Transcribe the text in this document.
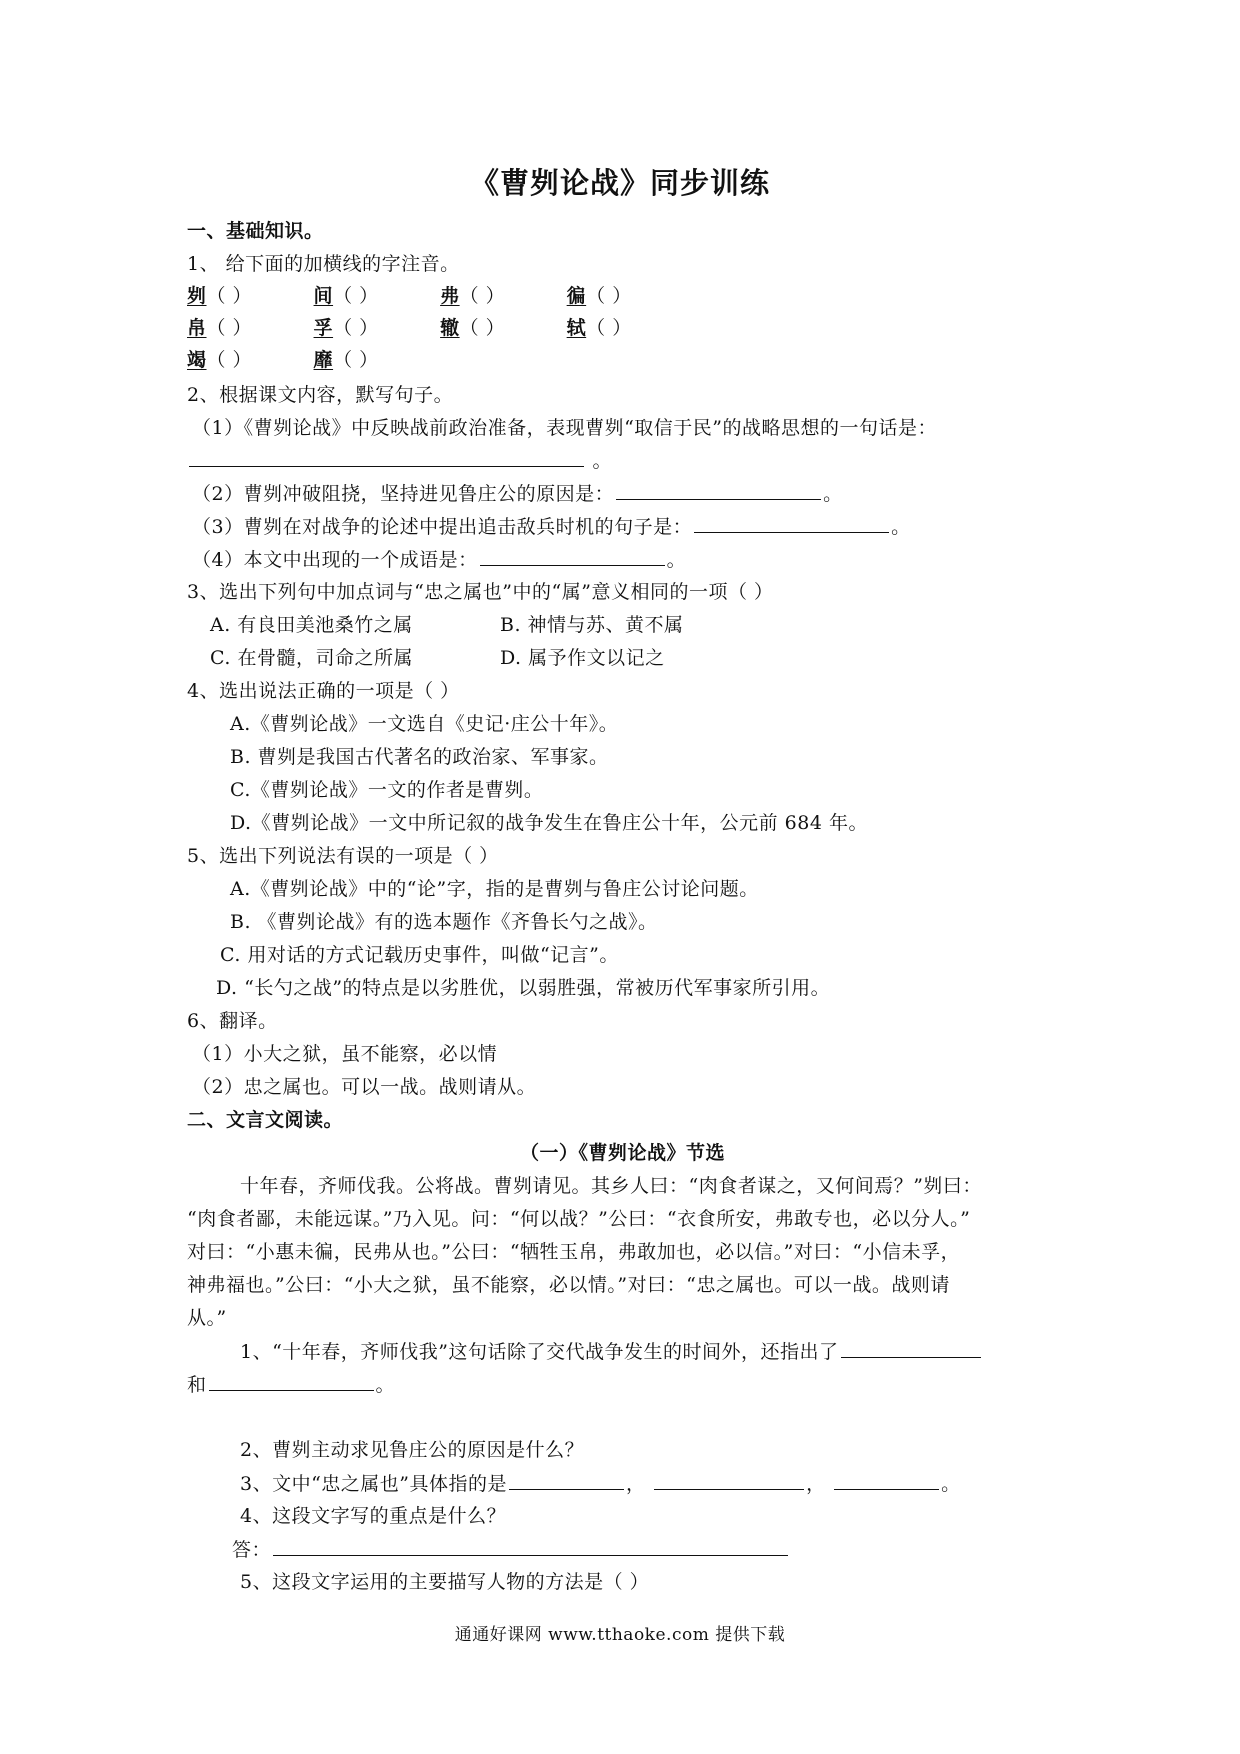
《曹刿论战》同步训练
一、基础知识。
1、 给下面的加横线的字注音。
刿（ ）	间（ ）	弗（ ）	徧（ ）
帛（ ）	孚（ ）	辙（ ）	轼（ ）
竭（ ）	靡（ ）
2、根据课文内容，默写句子。
（1）《曹刿论战》中反映战前政治准备，表现曹刿“取信于民”的战略思想的一句话是：
。
（2）曹刿冲破阻挠，坚持进见鲁庄公的原因是：	。
（3）曹刿在对战争的论述中提出追击敌兵时机的句子是：	。
（4）本文中出现的一个成语是：	。
3、选出下列句中加点词与“忠之属也”中的“属”意义相同的一项（ ）
A. 有良田美池桑竹之属	B. 神情与苏、黄不属
C. 在骨髓，司命之所属	D. 属予作文以记之
4、选出说法正确的一项是（ ）
A.《曹刿论战》一文选自《史记·庄公十年》。
B. 曹刿是我国古代著名的政治家、军事家。
C.《曹刿论战》一文的作者是曹刿。
D.《曹刿论战》一文中所记叙的战争发生在鲁庄公十年，公元前 684 年。
5、选出下列说法有误的一项是（ ）
A.《曹刿论战》中的“论”字，指的是曹刿与鲁庄公讨论问题。
B. 《曹刿论战》有的选本题作《齐鲁长勺之战》。
C. 用对话的方式记载历史事件，叫做“记言”。
D. “长勺之战”的特点是以劣胜优，以弱胜强，常被历代军事家所引用。
6、翻译。
（1）小大之狱，虽不能察，必以情
（2）忠之属也。可以一战。战则请从。
二、文言文阅读。
（一）《曹刿论战》节选
十年春，齐师伐我。公将战。曹刿请见。其乡人曰：“肉食者谋之，又何间焉？”刿曰：
“肉食者鄙，未能远谋。”乃入见。问：“何以战？”公曰：“衣食所安，弗敢专也，必以分人。”
对曰：“小惠未徧，民弗从也。”公曰：“牺牲玉帛，弗敢加也，必以信。”对曰：“小信未孚，
神弗福也。”公曰：“小大之狱，虽不能察，必以情。”对曰：“忠之属也。可以一战。战则请
从。”
1、“十年春，齐师伐我”这句话除了交代战争发生的时间外，还指出了
和	。
2、曹刿主动求见鲁庄公的原因是什么？
3、文中“忠之属也”具体指的是	，	，	。
4、这段文字写的重点是什么？
答：
5、这段文字运用的主要描写人物的方法是（ ）
通通好课网 www.tthaoke.com 提供下载
